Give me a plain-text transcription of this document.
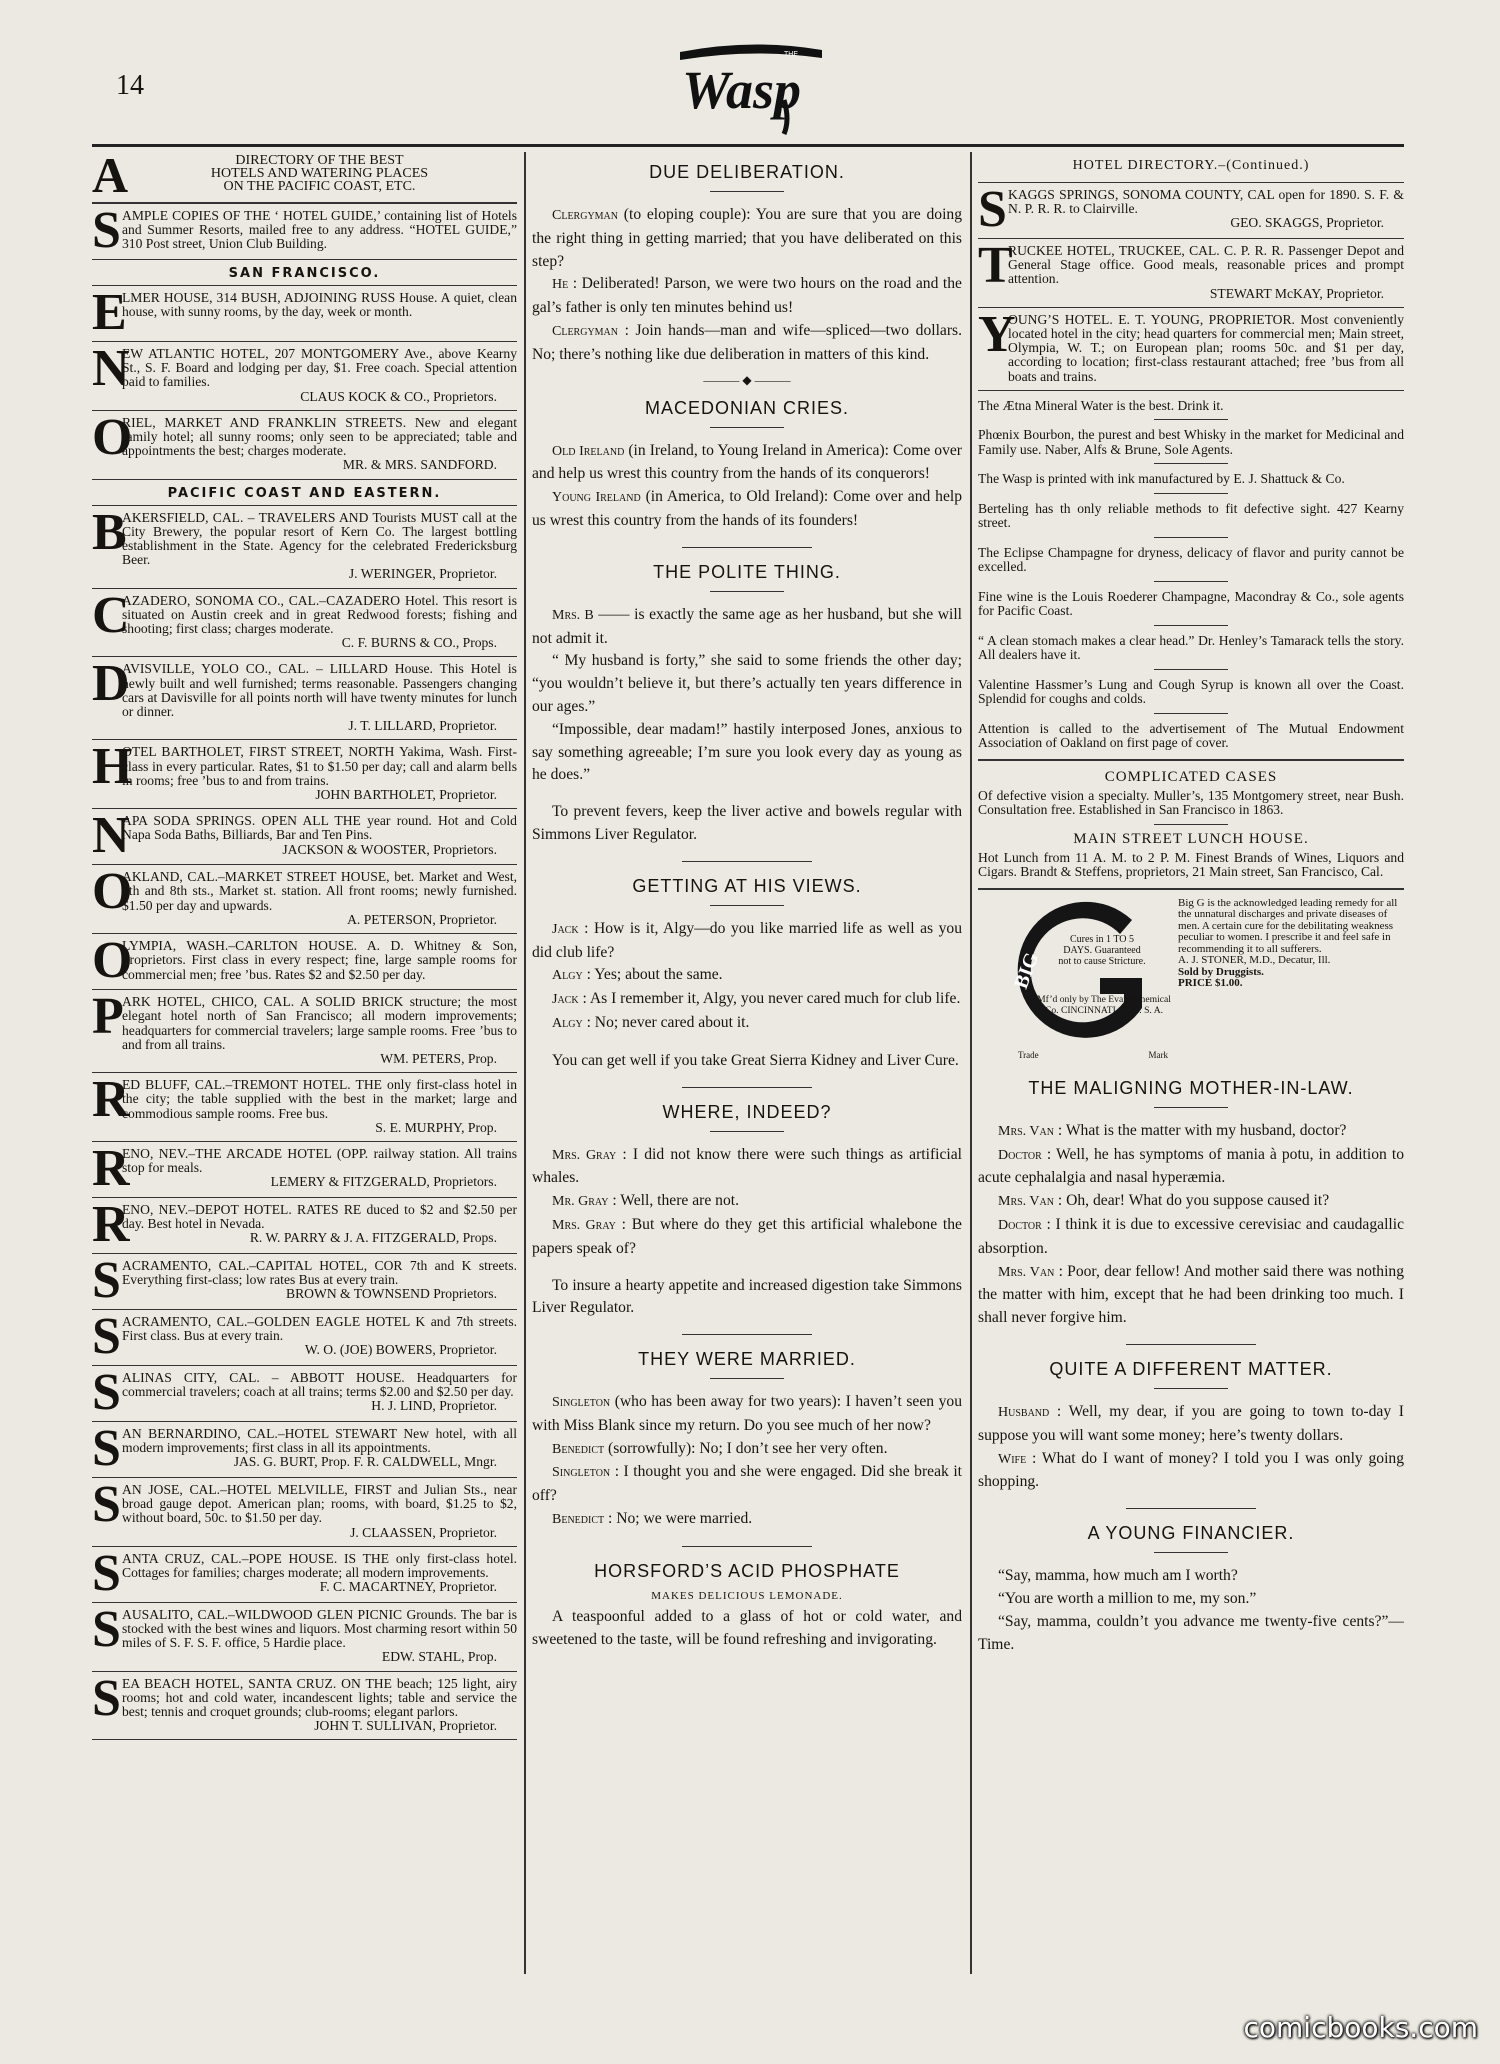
14
THE
Wasp
A	DIRECTORY OF THE BEST
HOTELS AND WATERING PLACES
ON THE PACIFIC COAST, ETC.
S AMPLE COPIES OF THE ‘ HOTEL GUIDE,’ containing list of Hotels and Summer Resorts, mailed free to any address. “HOTEL GUIDE,” 310 Post street, Union Club Building.
SAN FRANCISCO.
E
LMER HOUSE, 314 BUSH, ADJOINING RUSS House. A quiet, clean house, with sunny rooms, by the day, week or month.
N
EW ATLANTIC HOTEL, 207 MONTGOMERY Ave., above Kearny St., S. F. Board and lodging per day, $1. Free coach. Special attention paid to families.
CLAUS KOCK & CO., Proprietors.
O
RIEL, MARKET AND FRANKLIN STREETS. New and elegant family hotel; all sunny rooms; only seen to be appreciated; table and appointments the best; charges moderate.
MR. & MRS. SANDFORD.
PACIFIC COAST AND EASTERN.
B
AKERSFIELD, CAL. – TRAVELERS AND Tourists MUST call at the City Brewery, the popular resort of Kern Co. The largest bottling establishment in the State. Agency for the celebrated Fredericksburg Beer.
J. WERINGER, Proprietor.
C
AZADERO, SONOMA CO., CAL.–CAZADERO Hotel. This resort is situated on Austin creek and in great Redwood forests; fishing and shooting; first class; charges moderate.
C. F. BURNS & CO., Props.
D
AVISVILLE, YOLO CO., CAL. – LILLARD House. This Hotel is newly built and well furnished; terms reasonable. Passengers changing cars at Davisville for all points north will have twenty minutes for lunch or dinner.
J. T. LILLARD, Proprietor.
H
OTEL BARTHOLET, FIRST STREET, NORTH Yakima, Wash. First-class in every particular. Rates, $1 to $1.50 per day; call and alarm bells in rooms; free ’bus to and from trains.
JOHN BARTHOLET, Proprietor.
N
APA SODA SPRINGS. OPEN ALL THE year round. Hot and Cold Napa Soda Baths, Billiards, Bar and Ten Pins.
JACKSON & WOOSTER, Proprietors.
O
AKLAND, CAL.–MARKET STREET HOUSE, bet. Market and West, 7th and 8th sts., Market st. station. All front rooms; newly furnished. $1.50 per day and upwards.
A. PETERSON, Proprietor.
O
LYMPIA, WASH.–CARLTON HOUSE. A. D. Whitney & Son, Proprietors. First class in every respect; fine, large sample rooms for commercial men; free ’bus. Rates $2 and $2.50 per day.
P
ARK HOTEL, CHICO, CAL. A SOLID BRICK structure; the most elegant hotel north of San Francisco; all modern improvements; headquarters for commercial travelers; large sample rooms. Free ’bus to and from all trains.
WM. PETERS, Prop.
R
ED BLUFF, CAL.–TREMONT HOTEL. THE only first-class hotel in the city; the table supplied with the best in the market; large and commodious sample rooms. Free bus.
S. E. MURPHY, Prop.
R
ENO, NEV.–THE ARCADE HOTEL (OPP. railway station. All trains stop for meals.
LEMERY & FITZGERALD, Proprietors.
R
ENO, NEV.–DEPOT HOTEL. RATES RE duced to $2 and $2.50 per day. Best hotel in Nevada.
R. W. PARRY & J. A. FITZGERALD, Props.
S ACRAMENTO, CAL.–CAPITAL HOTEL, COR 7th and K streets. Everything first-class; low rates Bus at every train.
BROWN & TOWNSEND Proprietors.
S ACRAMENTO, CAL.–GOLDEN EAGLE HOTEL K and 7th streets. First class. Bus at every train.
W. O. (JOE) BOWERS, Proprietor.
S ALINAS CITY, CAL. – ABBOTT HOUSE. Headquarters for commercial travelers; coach at all trains; terms $2.00 and $2.50 per day.
H. J. LIND, Proprietor.
S AN BERNARDINO, CAL.–HOTEL STEWART New hotel, with all modern improvements; first class in all its appointments.
JAS. G. BURT, Prop. F. R. CALDWELL, Mngr.
S AN JOSE, CAL.–HOTEL MELVILLE, FIRST and Julian Sts., near broad gauge depot. American plan; rooms, with board, $1.25 to $2, without board, 50c. to $1.50 per day.
J. CLAASSEN, Proprietor.
S ANTA CRUZ, CAL.–POPE HOUSE. IS THE only first-class hotel. Cottages for families; charges moderate; all modern improvements.
F. C. MACARTNEY, Proprietor.
S AUSALITO, CAL.–WILDWOOD GLEN PICNIC Grounds. The bar is stocked with the best wines and liquors. Most charming resort within 50 miles of S. F. S. F. office, 5 Hardie place.
EDW. STAHL, Prop.
S EA BEACH HOTEL, SANTA CRUZ. ON THE beach; 125 light, airy rooms; hot and cold water, incandescent lights; table and service the best; tennis and croquet grounds; club-rooms; elegant parlors.
JOHN T. SULLIVAN, Proprietor.
DUE DELIBERATION.

Clergyman (to eloping couple): You are sure that you are doing the right thing in getting married; that you have deliberated on this step?

He : Deliberated! Parson, we were two hours on the road and the gal’s father is only ten minutes behind us!

Clergyman : Join hands—man and wife—spliced—two dollars. No; there’s nothing like due deliberation in matters of this kind.

——— ◆ ———
MACEDONIAN CRIES.

Old Ireland (in Ireland, to Young Ireland in America): Come over and help us wrest this country from the hands of its conquerors!

Young Ireland (in America, to Old Ireland): Come over and help us wrest this country from the hands of its founders!

THE POLITE THING.

Mrs. B —— is exactly the same age as her husband, but she will not admit it.

“ My husband is forty,” she said to some friends the other day; “you wouldn’t believe it, but there’s actually ten years difference in our ages.”

“Impossible, dear madam!” hastily interposed Jones, anxious to say something agreeable; I’m sure you look every day as young as he does.”

To prevent fevers, keep the liver active and bowels regular with Simmons Liver Regulator.

GETTING AT HIS VIEWS.

Jack : How is it, Algy—do you like married life as well as you did club life?

Algy : Yes; about the same.

Jack : As I remember it, Algy, you never cared much for club life.

Algy : No; never cared about it.

You can get well if you take Great Sierra Kidney and Liver Cure.

WHERE, INDEED?

Mrs. Gray : I did not know there were such things as artificial whales.

Mr. Gray : Well, there are not.

Mrs. Gray : But where do they get this artificial whalebone the papers speak of?

To insure a hearty appetite and increased digestion take Simmons Liver Regulator.

THEY WERE MARRIED.

Singleton (who has been away for two years): I haven’t seen you with Miss Blank since my return. Do you see much of her now?

Benedict (sorrowfully): No; I don’t see her very often.

Singleton : I thought you and she were engaged. Did she break it off?

Benedict : No; we were married.

HORSFORD’S ACID PHOSPHATE
MAKES DELICIOUS LEMONADE.

A teaspoonful added to a glass of hot or cold water, and sweetened to the taste, will be found refreshing and invigorating.

HOTEL DIRECTORY.–(Continued.)
S KAGGS SPRINGS, SONOMA COUNTY, CAL open for 1890. S. F. & N. P. R. R. to Clairville.
GEO. SKAGGS, Proprietor.
T
RUCKEE HOTEL, TRUCKEE, CAL. C. P. R. R. Passenger Depot and General Stage office. Good meals, reasonable prices and prompt attention.
STEWART McKAY, Proprietor.
Y
OUNG’S HOTEL. E. T. YOUNG, PROPRIETOR. Most conveniently located hotel in the city; head quarters for commercial men; Main street, Olympia, W. T.; on European plan; rooms 50c. and $1 per day, according to location; first-class restaurant attached; free ’bus from all boats and trains.
The Ætna Mineral Water is the best. Drink it.
Phœnix Bourbon, the purest and best Whisky in the market for Medicinal and Family use. Naber, Alfs & Brune, Sole Agents.
The Wasp is printed with ink manufactured by E. J. Shattuck & Co.
Berteling has th only reliable methods to fit defective sight. 427 Kearny street.
The Eclipse Champagne for dryness, delicacy of flavor and purity cannot be excelled.
Fine wine is the Louis Roederer Champagne, Macondray & Co., sole agents for Pacific Coast.
“ A clean stomach makes a clear head.” Dr. Henley’s Tamarack tells the story. All dealers have it.
Valentine Hassmer’s Lung and Cough Syrup is known all over the Coast. Splendid for coughs and colds.
Attention is called to the advertisement of The Mutual Endowment Association of Oakland on first page of cover.
COMPLICATED CASES
Of defective vision a specialty. Muller’s, 135 Montgomery street, near Bush. Consultation free. Established in San Francisco in 1863.
MAIN STREET LUNCH HOUSE.
Hot Lunch from 11 A. M. to 2 P. M. Finest Brands of Wines, Liquors and Cigars. Brandt & Steffens, proprietors, 21 Main street, San Francisco, Cal.
BIG
Cures in 1 TO 5 DAYS. Guaranteed not to cause Stricture.
Mf’d only by The Evans Chemical Co. CINCINNATI, O. U. S. A.
Big G is the acknowledged leading remedy for all the unnatural discharges and private diseases of men. A certain cure for the debilitating weakness peculiar to women. I prescribe it and feel safe in recommending it to all sufferers.
A. J. STONER, M.D., Decatur, Ill.
Sold by Druggists.
PRICE $1.00.
Trade	Mark
THE MALIGNING MOTHER-IN-LAW.

Mrs. Van : What is the matter with my husband, doctor?

Doctor : Well, he has symptoms of mania à potu, in addition to acute cephalalgia and nasal hyperæmia.

Mrs. Van : Oh, dear! What do you suppose caused it?

Doctor : I think it is due to excessive cerevisiac and caudagallic absorption.

Mrs. Van : Poor, dear fellow! And mother said there was nothing the matter with him, except that he had been drinking too much. I shall never forgive him.

QUITE A DIFFERENT MATTER.

Husband : Well, my dear, if you are going to town to-day I suppose you will want some money; here’s twenty dollars.

Wife : What do I want of money? I told you I was only going shopping.

A YOUNG FINANCIER.

“Say, mamma, how much am I worth?

“You are worth a million to me, my son.”

“Say, mamma, couldn’t you advance me twenty-five cents?”—Time.

comicbooks.com
